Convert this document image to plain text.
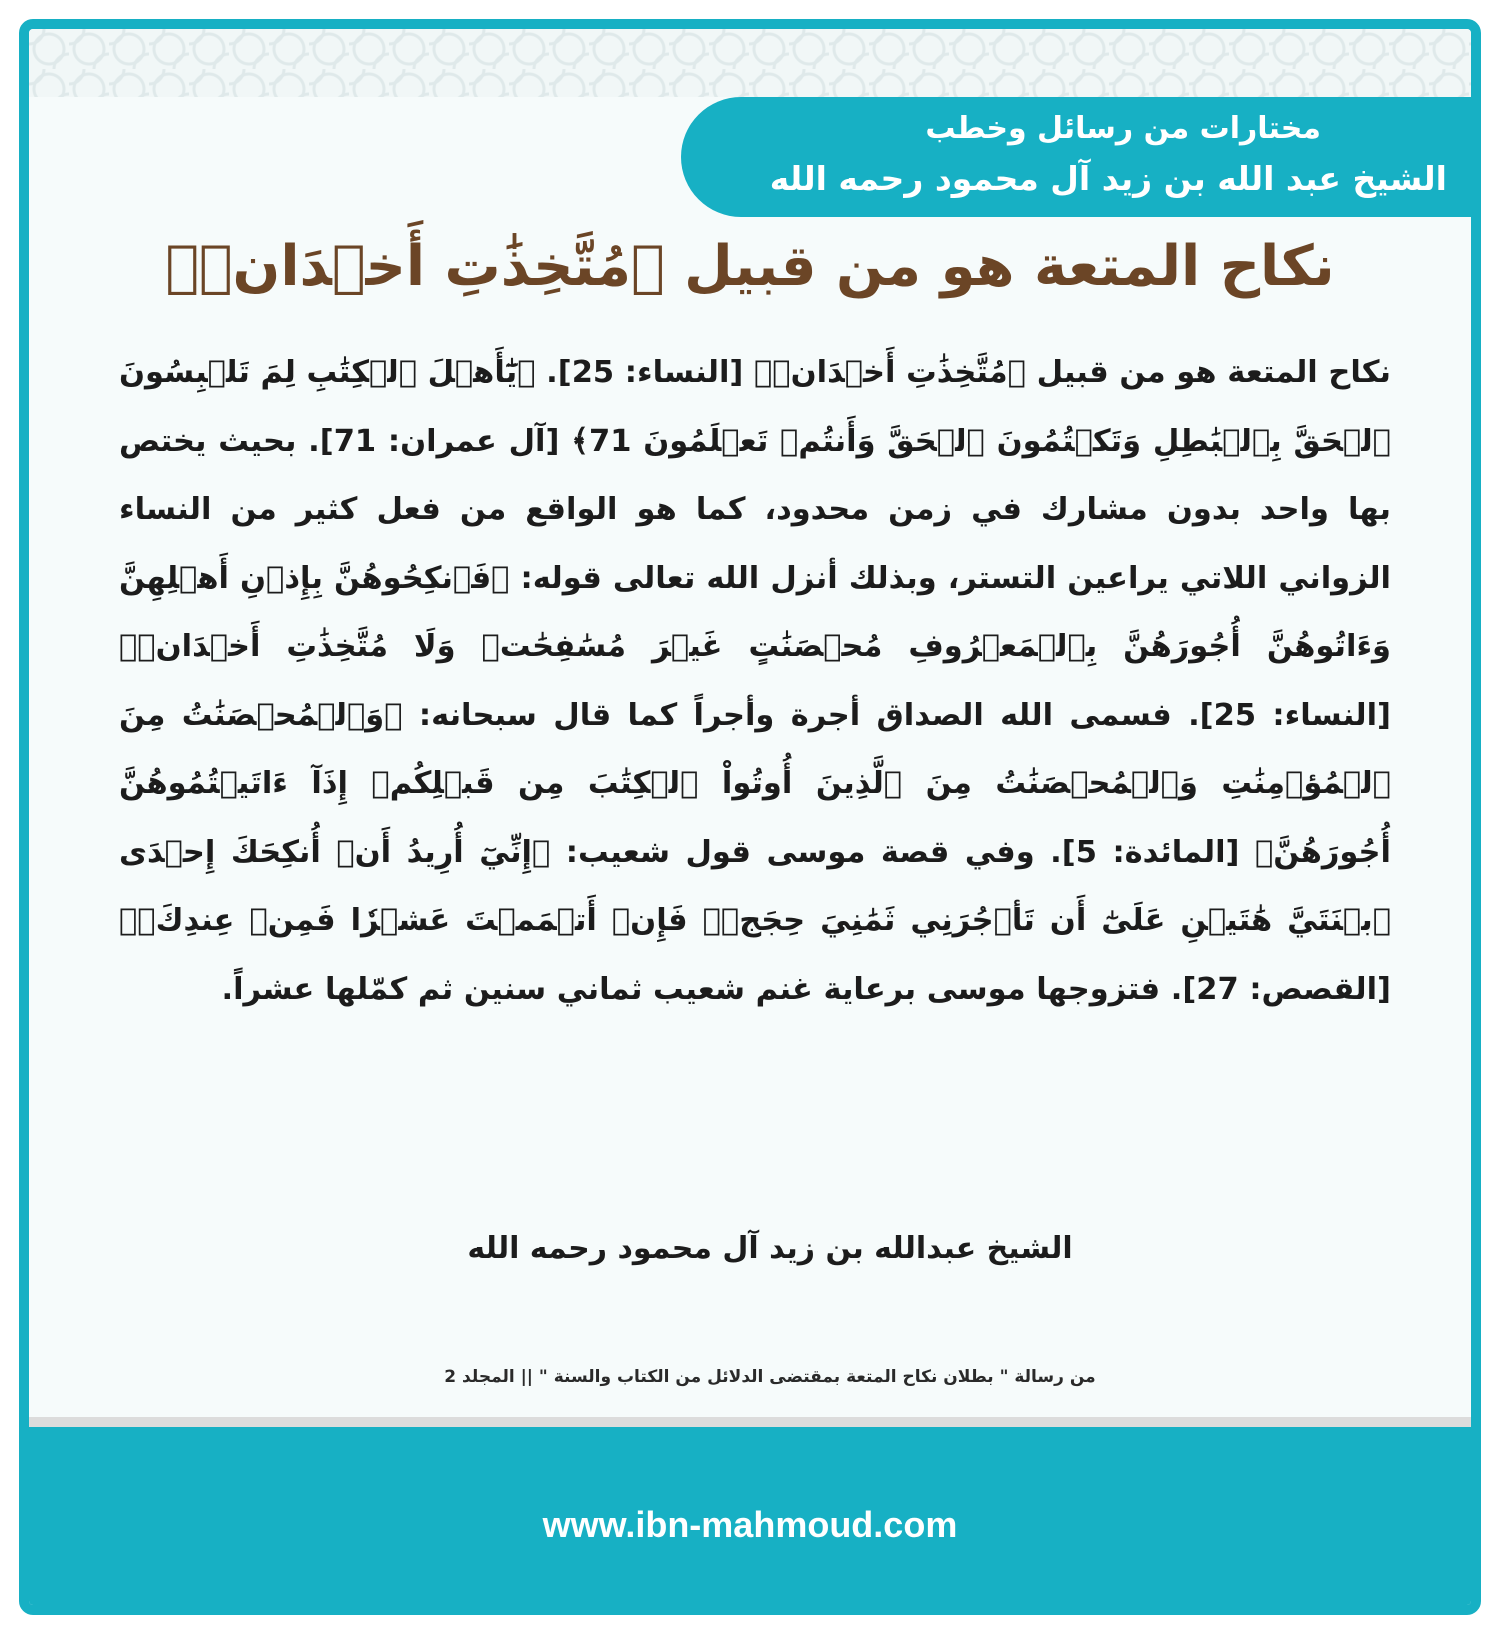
مختارات من رسائل وخطب
الشيخ عبد الله بن زيد آل محمود رحمه الله
نكاح المتعة هو من قبيل ﴿مُتَّخِذَٰتِ أَخۡدَانٖ﴾
نكاح المتعة هو من قبيل ﴿مُتَّخِذَٰتِ أَخۡدَانٖ﴾ [النساء: 25]. ﴿يَٰٓأَهۡلَ ٱلۡكِتَٰبِ لِمَ تَلۡبِسُونَ ٱلۡحَقَّ بِٱلۡبَٰطِلِ وَتَكۡتُمُونَ ٱلۡحَقَّ وَأَنتُمۡ تَعۡلَمُونَ 71﴾ [آل عمران: 71]. بحيث يختص بها واحد بدون مشارك في زمن محدود، كما هو الواقع من فعل كثير من النساء الزواني اللاتي يراعين التستر، وبذلك أنزل الله تعالى قوله: ﴿فَٱنكِحُوهُنَّ بِإِذۡنِ أَهۡلِهِنَّ وَءَاتُوهُنَّ أُجُورَهُنَّ بِٱلۡمَعۡرُوفِ مُحۡصَنَٰتٍ غَيۡرَ مُسَٰفِحَٰتٖ وَلَا مُتَّخِذَٰتِ أَخۡدَانٖ﴾ [النساء: 25]. فسمى الله الصداق أجرة وأجراً كما قال سبحانه: ﴿وَٱلۡمُحۡصَنَٰتُ مِنَ ٱلۡمُؤۡمِنَٰتِ وَٱلۡمُحۡصَنَٰتُ مِنَ ٱلَّذِينَ أُوتُواْ ٱلۡكِتَٰبَ مِن قَبۡلِكُمۡ إِذَآ ءَاتَيۡتُمُوهُنَّ أُجُورَهُنَّ﴾ [المائدة: 5]. وفي قصة موسى قول شعيب: ﴿إِنِّيٓ أُرِيدُ أَنۡ أُنكِحَكَ إِحۡدَى ٱبۡنَتَيَّ هَٰتَيۡنِ عَلَىٰٓ أَن تَأۡجُرَنِي ثَمَٰنِيَ حِجَجٖۖ فَإِنۡ أَتۡمَمۡتَ عَشۡرٗا فَمِنۡ عِندِكَۖ﴾ [القصص: 27]. فتزوجها موسى برعاية غنم شعيب ثماني سنين ثم كمّلها عشراً.
الشيخ عبدالله بن زيد آل محمود رحمه الله
من رسالة " بطلان نكاح المتعة بمقتضى الدلائل من الكتاب والسنة " || المجلد 2
www.ibn-mahmoud.com
